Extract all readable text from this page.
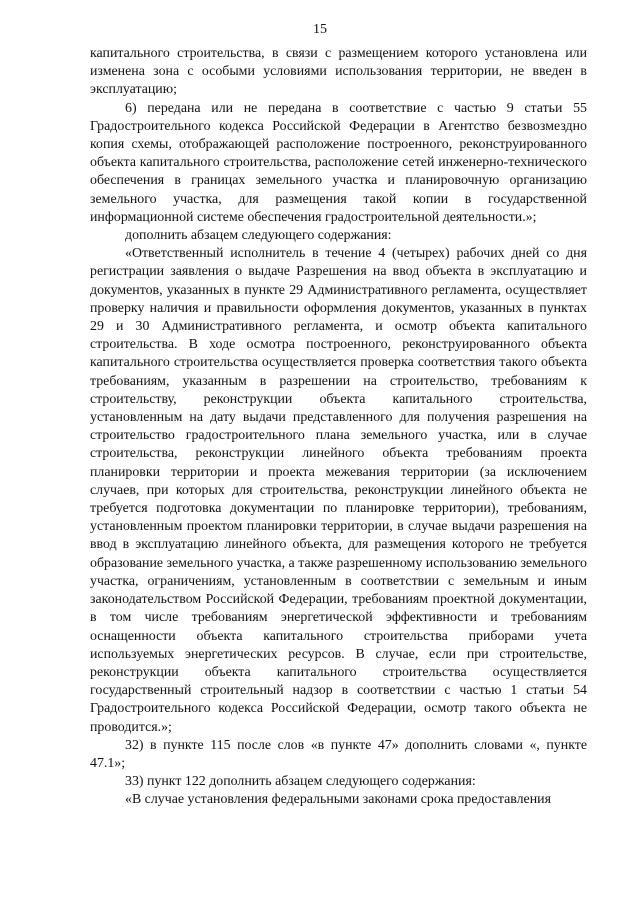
15

капитального строительства, в связи с размещением которого установлена или изменена зона с особыми условиями использования территории, не введен в эксплуатацию;

6) передана или не передана в соответствие с частью 9 статьи 55 Градостроительного кодекса Российской Федерации в Агентство безвозмездно копия схемы, отображающей расположение построенного, реконструированного объекта капитального строительства, расположение сетей инженерно-технического обеспечения в границах земельного участка и планировочную организацию земельного участка, для размещения такой копии в государственной информационной системе обеспечения градостроительной деятельности.»;

дополнить абзацем следующего содержания:

«Ответственный исполнитель в течение 4 (четырех) рабочих дней со дня регистрации заявления о выдаче Разрешения на ввод объекта в эксплуатацию и документов, указанных в пункте 29 Административного регламента, осуществляет проверку наличия и правильности оформления документов, указанных в пунктах 29 и 30 Административного регламента, и осмотр объекта капитального строительства. В ходе осмотра построенного, реконструированного объекта капитального строительства осуществляется проверка соответствия такого объекта требованиям, указанным в разрешении на строительство, требованиям к строительству, реконструкции объекта капитального строительства, установленным на дату выдачи представленного для получения разрешения на строительство градостроительного плана земельного участка, или в случае строительства, реконструкции линейного объекта требованиям проекта планировки территории и проекта межевания территории (за исключением случаев, при которых для строительства, реконструкции линейного объекта не требуется подготовка документации по планировке территории), требованиям, установленным проектом планировки территории, в случае выдачи разрешения на ввод в эксплуатацию линейного объекта, для размещения которого не требуется образование земельного участка, а также разрешенному использованию земельного участка, ограничениям, установленным в соответствии с земельным и иным законодательством Российской Федерации, требованиям проектной документации, в том числе требованиям энергетической эффективности и требованиям оснащенности объекта капитального строительства приборами учета используемых энергетических ресурсов. В случае, если при строительстве, реконструкции объекта капитального строительства осуществляется государственный строительный надзор в соответствии с частью 1 статьи 54 Градостроительного кодекса Российской Федерации, осмотр такого объекта не проводится.»;

32) в пункте 115 после слов «в пункте 47» дополнить словами «, пункте 47.1»;

33) пункт 122 дополнить абзацем следующего содержания:

«В случае установления федеральными законами срока предоставления
